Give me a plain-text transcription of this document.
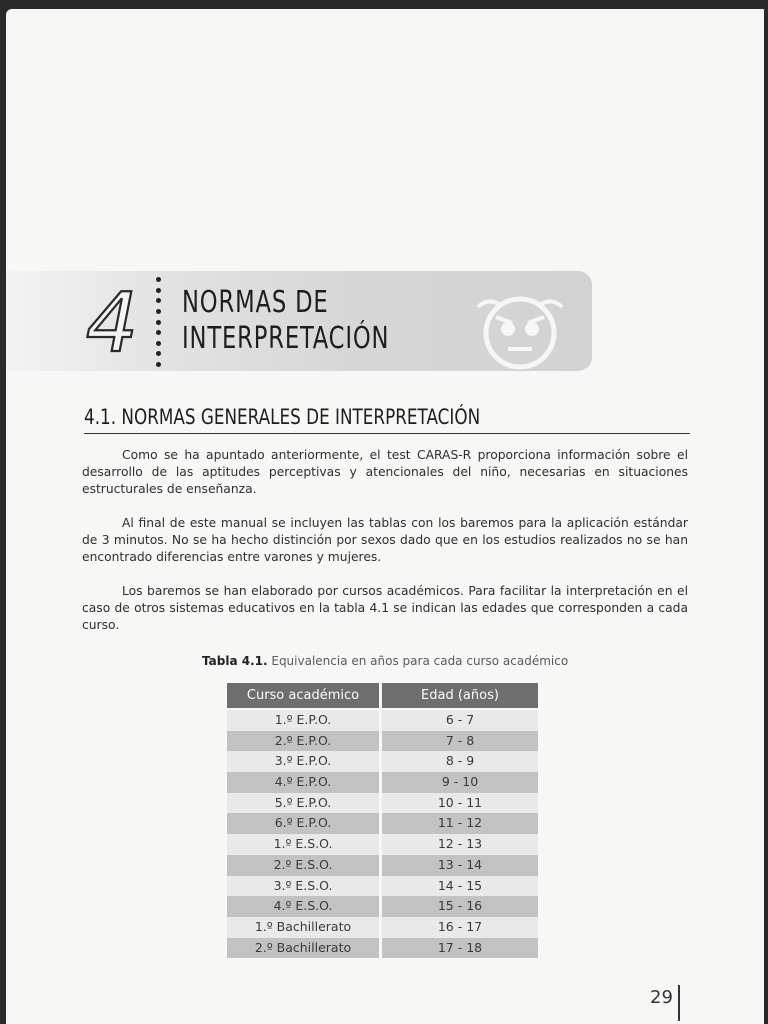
4 NORMAS DE
INTERPRETACIÓN
4.1. NORMAS GENERALES DE INTERPRETACIÓN

Como se ha apuntado anteriormente, el test CARAS-R proporciona información sobre el desarrollo de las aptitudes perceptivas y atencionales del niño, necesarias en situaciones estructurales de enseñanza.

Al final de este manual se incluyen las tablas con los baremos para la aplicación estándar de 3 minutos. No se ha hecho distinción por sexos dado que en los estudios realizados no se han encontrado diferencias entre varones y mujeres.

Los baremos se han elaborado por cursos académicos. Para facilitar la interpretación en el caso de otros sistemas educativos en la tabla 4.1 se indican las edades que corresponden a cada curso.

Tabla 4.1. Equivalencia en años para cada curso académico
Curso académico	Edad (años)
1.º E.P.O.	6 - 7
2.º E.P.O.	7 - 8
3.º E.P.O.	8 - 9
4.º E.P.O.	9 - 10
5.º E.P.O.	10 - 11
6.º E.P.O.	11 - 12
1.º E.S.O.	12 - 13
2.º E.S.O.	13 - 14
3.º E.S.O.	14 - 15
4.º E.S.O.	15 - 16
1.º Bachillerato	16 - 17
2.º Bachillerato	17 - 18
29
